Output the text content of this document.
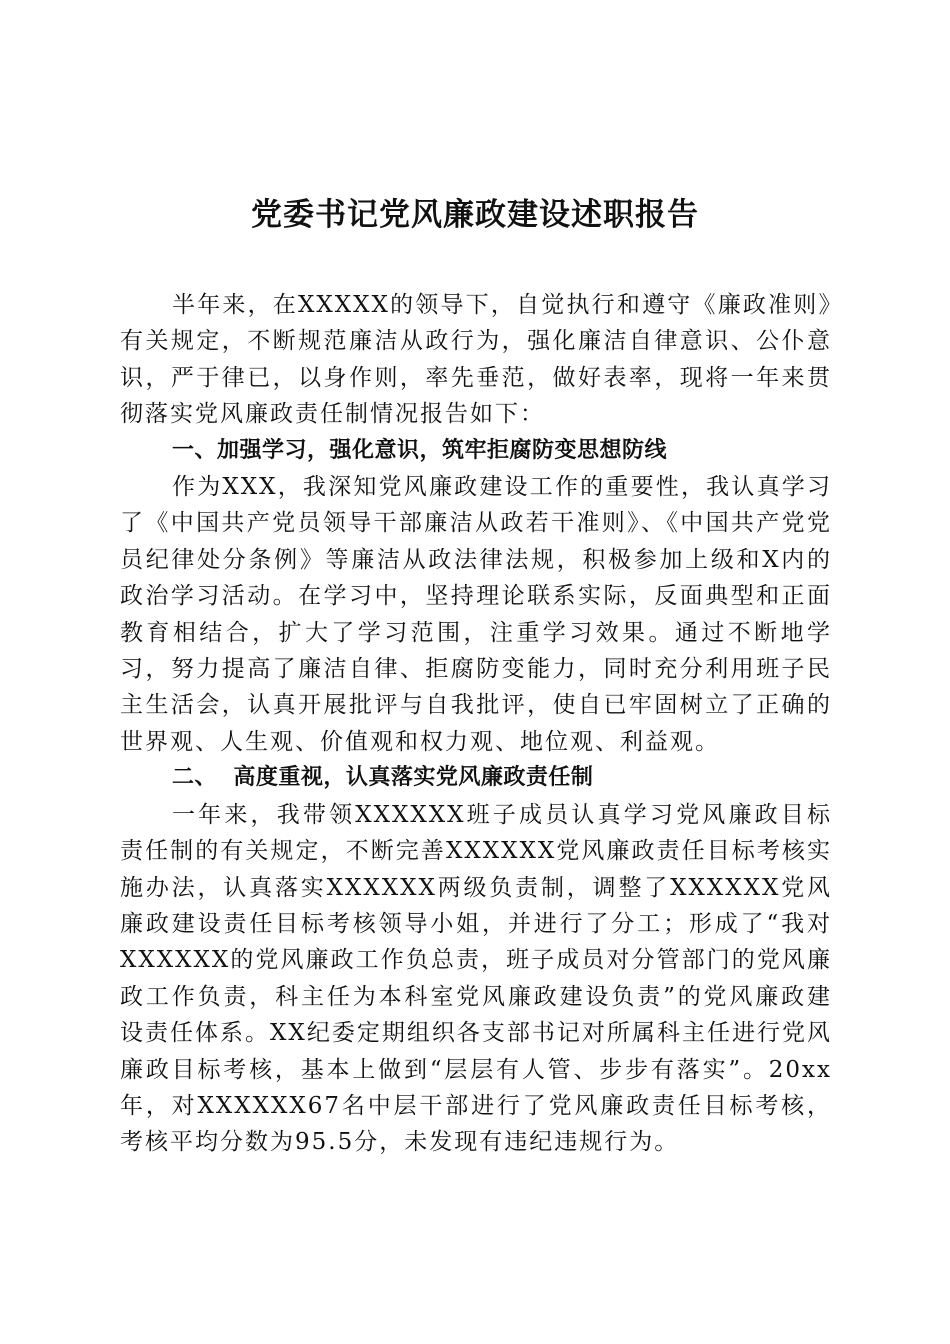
党委书记党风廉政建设述职报告

半年来，在XXXXX的领导下，自觉执行和遵守《廉政准则》有关规定，不断规范廉洁从政行为，强化廉洁自律意识、公仆意识，严于律已，以身作则，率先垂范，做好表率，现将一年来贯彻落实党风廉政责任制情况报告如下：

一、加强学习，强化意识，筑牢拒腐防变思想防线

作为XXX，我深知党风廉政建设工作的重要性，我认真学习了《中国共产党员领导干部廉洁从政若干准则》、《中国共产党党员纪律处分条例》等廉洁从政法律法规，积极参加上级和X内的政治学习活动。在学习中，坚持理论联系实际，反面典型和正面教育相结合，扩大了学习范围，注重学习效果。通过不断地学习，努力提高了廉洁自律、拒腐防变能力，同时充分利用班子民主生活会，认真开展批评与自我批评，使自已牢固树立了正确的世界观、人生观、价值观和权力观、地位观、利益观。

二、  高度重视，认真落实党风廉政责任制

一年来，我带领XXXXXX班子成员认真学习党风廉政目标责任制的有关规定，不断完善XXXXXX党风廉政责任目标考核实施办法，认真落实XXXXXX两级负责制，调整了XXXXXX党风廉政建设责任目标考核领导小姐，并进行了分工；形成了“我对XXXXXX的党风廉政工作负总责，班子成员对分管部门的党风廉政工作负责，科主任为本科室党风廉政建设负责”的党风廉政建设责任体系。XX纪委定期组织各支部书记对所属科主任进行党风廉政目标考核，基本上做到“层层有人管、步步有落实”。20xx年，对XXXXXX67名中层干部进行了党风廉政责任目标考核，考核平均分数为95.5分，未发现有违纪违规行为。
